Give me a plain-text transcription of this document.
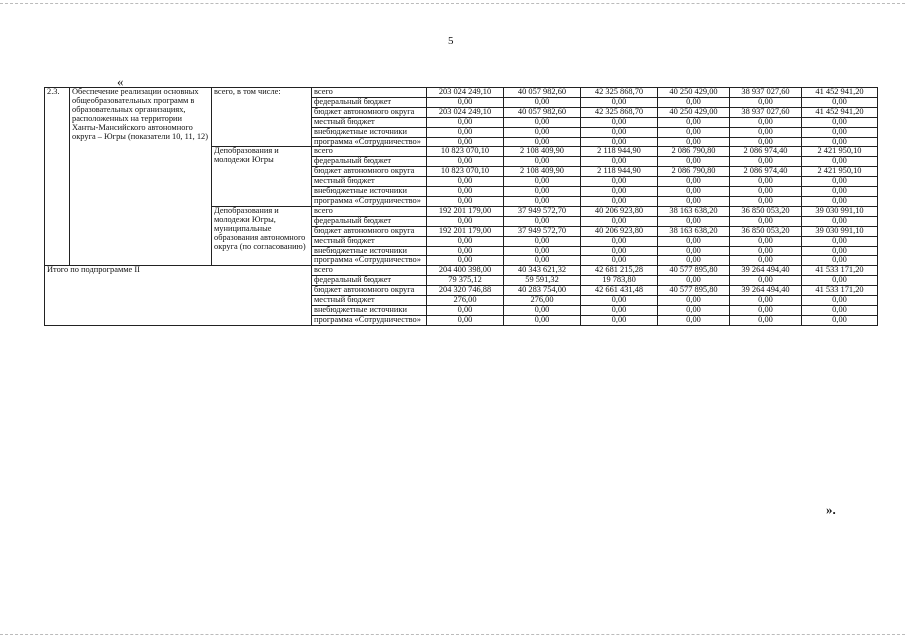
5
«
2.3.	Обеспечение реализации основных общеобразовательных программ в образовательных организациях, расположенных на территории Ханты-Мансийского автономного округа – Югры (показатели 10, 11, 12)	всего, в том числе:	всего	203 024 249,10	40 057 982,60	42 325 868,70	40 250 429,00	38 937 027,60	41 452 941,20
			федеральный бюджет	0,00	0,00	0,00	0,00	0,00	0,00
			бюджет автономного округа	203 024 249,10	40 057 982,60	42 325 868,70	40 250 429,00	38 937 027,60	41 452 941,20
			местный бюджет	0,00	0,00	0,00	0,00	0,00	0,00
			внебюджетные источники	0,00	0,00	0,00	0,00	0,00	0,00
			программа «Сотрудничество»	0,00	0,00	0,00	0,00	0,00	0,00
		Депобразования и молодежи Югры	всего	10 823 070,10	2 108 409,90	2 118 944,90	2 086 790,80	2 086 974,40	2 421 950,10
			федеральный бюджет	0,00	0,00	0,00	0,00	0,00	0,00
			бюджет автономного округа	10 823 070,10	2 108 409,90	2 118 944,90	2 086 790,80	2 086 974,40	2 421 950,10
			местный бюджет	0,00	0,00	0,00	0,00	0,00	0,00
			внебюджетные источники	0,00	0,00	0,00	0,00	0,00	0,00
			программа «Сотрудничество»	0,00	0,00	0,00	0,00	0,00	0,00
		Депобразования и молодежи Югры, муниципальные образования автономного округа (по согласованию)	всего	192 201 179,00	37 949 572,70	40 206 923,80	38 163 638,20	36 850 053,20	39 030 991,10
			федеральный бюджет	0,00	0,00	0,00	0,00	0,00	0,00
			бюджет автономного округа	192 201 179,00	37 949 572,70	40 206 923,80	38 163 638,20	36 850 053,20	39 030 991,10
			местный бюджет	0,00	0,00	0,00	0,00	0,00	0,00
			внебюджетные источники	0,00	0,00	0,00	0,00	0,00	0,00
			программа «Сотрудничество»	0,00	0,00	0,00	0,00	0,00	0,00
Итого по подпрограмме II			всего	204 400 398,00	40 343 621,32	42 681 215,28	40 577 895,80	39 264 494,40	41 533 171,20
			федеральный бюджет	79 375,12	59 591,32	19 783,80	0,00	0,00	0,00
			бюджет автономного округа	204 320 746,88	40 283 754,00	42 661 431,48	40 577 895,80	39 264 494,40	41 533 171,20
			местный бюджет	276,00	276,00	0,00	0,00	0,00	0,00
			внебюджетные источники	0,00	0,00	0,00	0,00	0,00	0,00
			программа «Сотрудничество»	0,00	0,00	0,00	0,00	0,00	0,00
».
